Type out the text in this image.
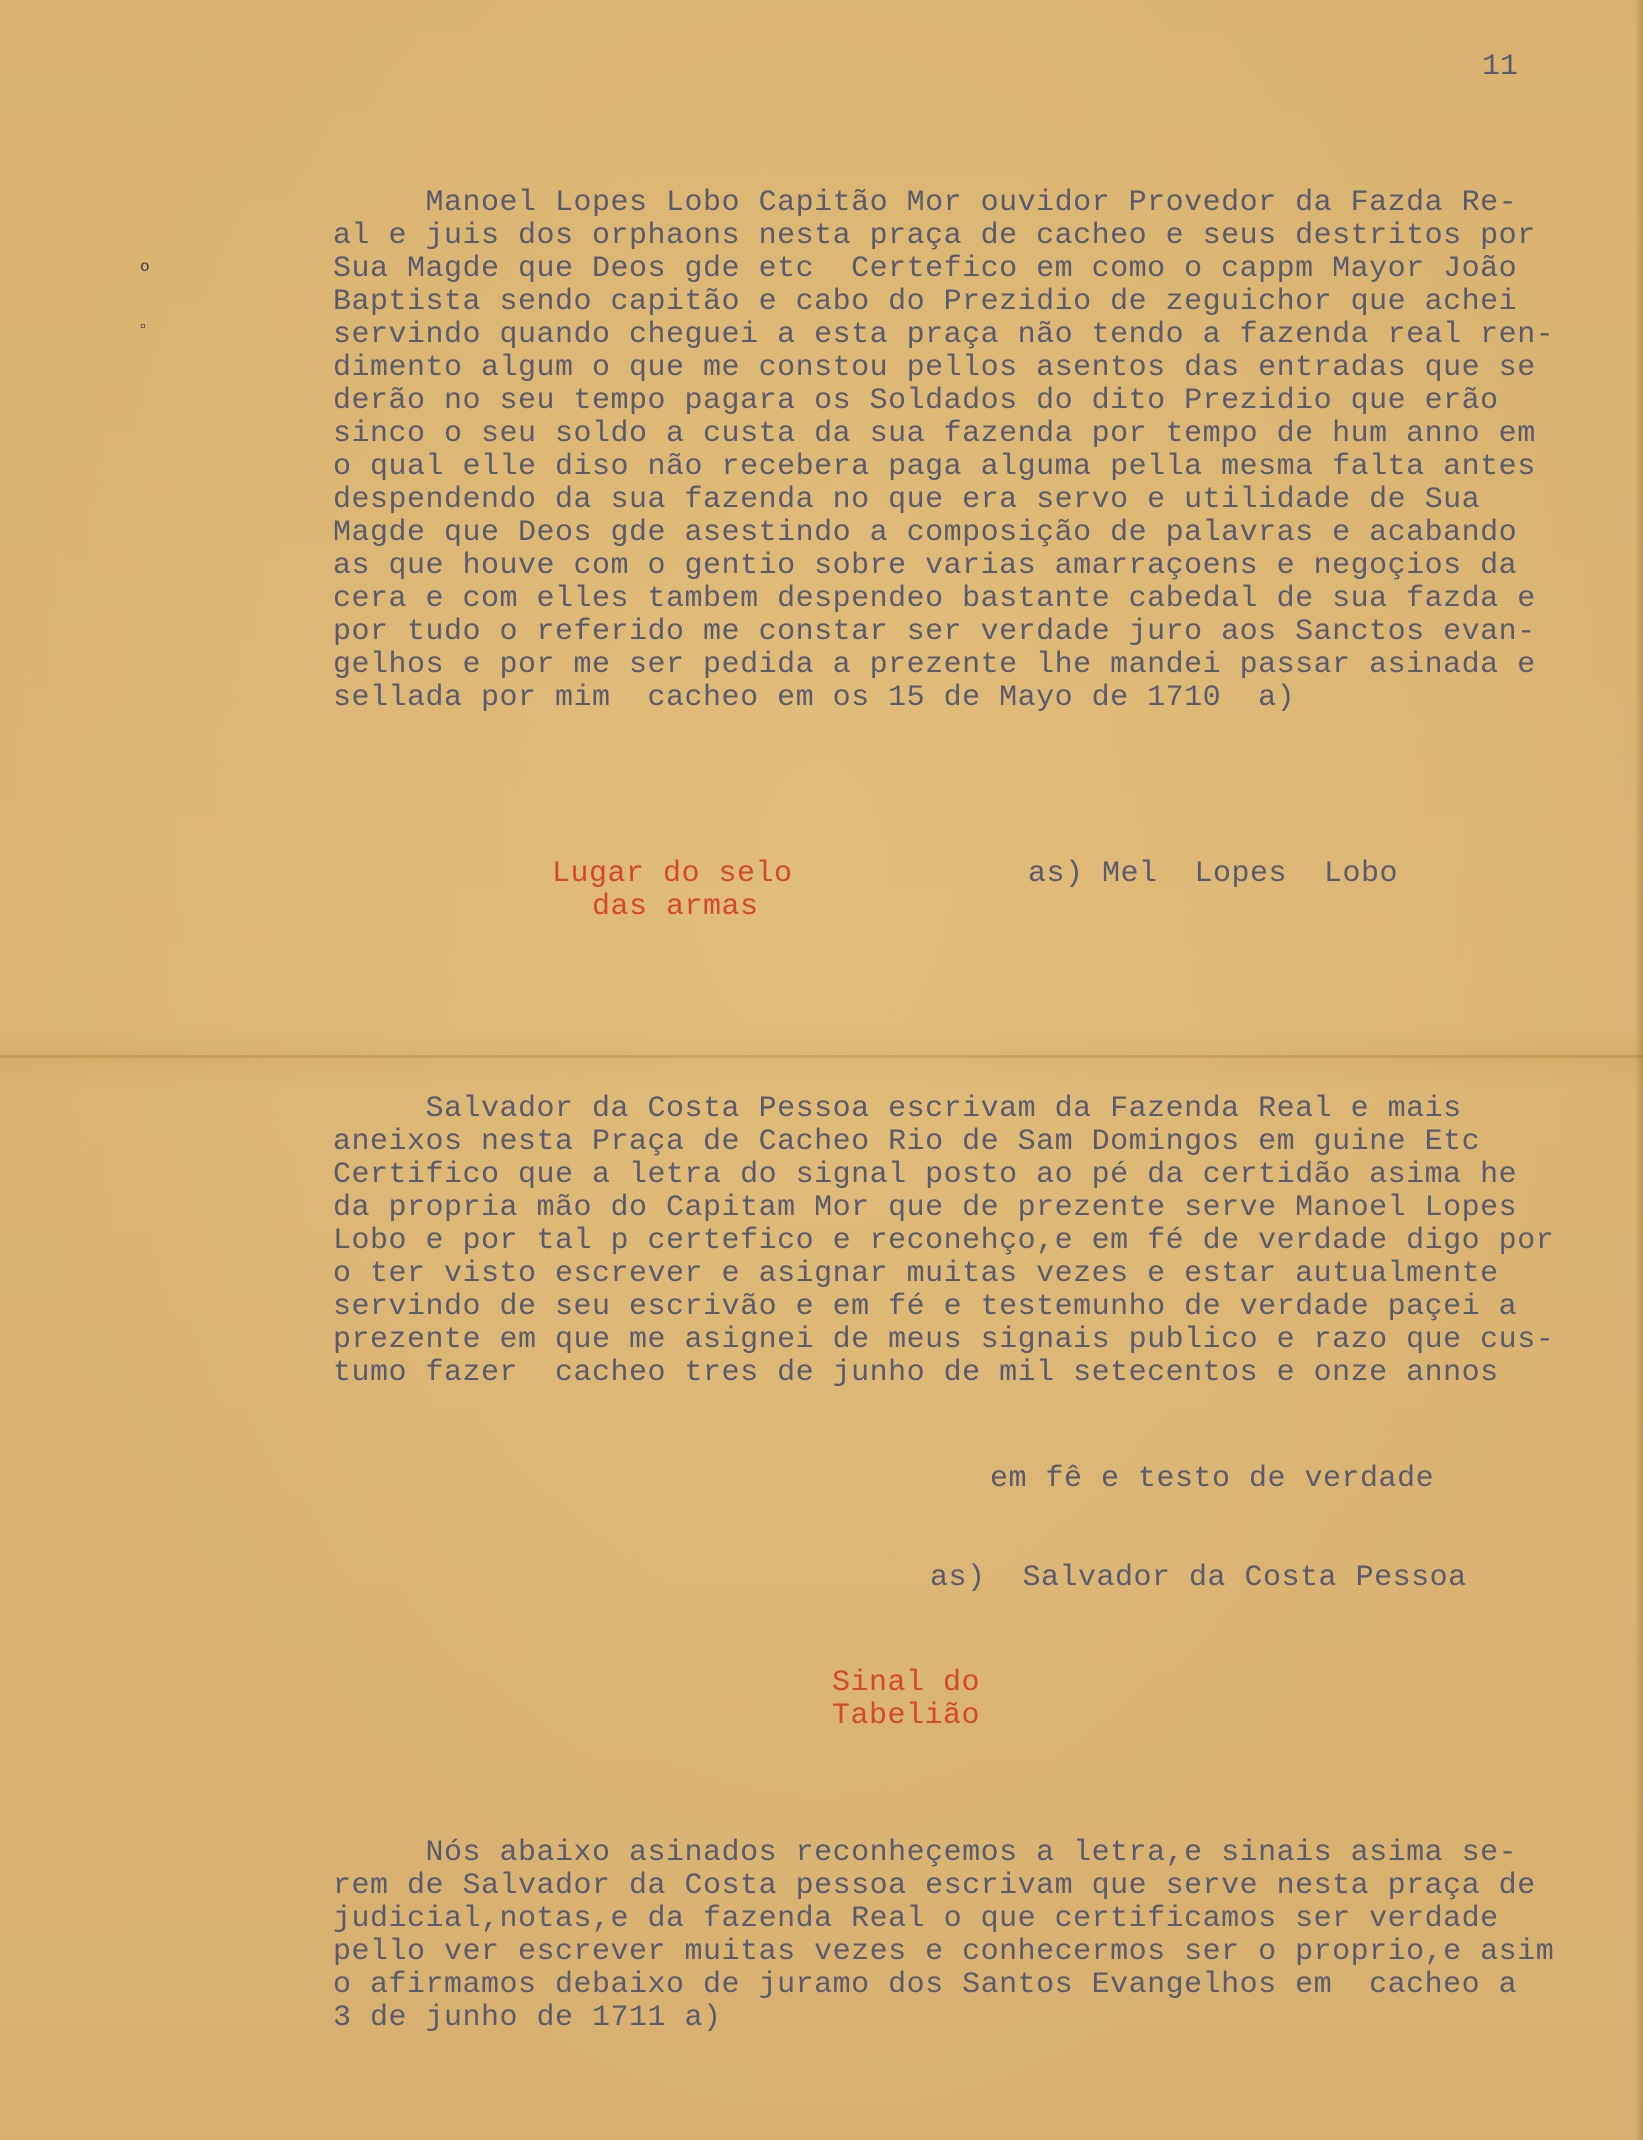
o
▫
11

Manoel Lopes Lobo Capitão Mor ouvidor Provedor da Fazda Re-

al e juis dos orphaons nesta praça de cacheo e seus destritos por

Sua Magde que Deos gde etc  Certefico em como o cappm Mayor João

Baptista sendo capitão e cabo do Prezidio de zeguichor que achei

servindo quando cheguei a esta praça não tendo a fazenda real ren-

dimento algum o que me constou pellos asentos das entradas que se

derão no seu tempo pagara os Soldados do dito Prezidio que erão

sinco o seu soldo a custa da sua fazenda por tempo de hum anno em

o qual elle diso não recebera paga alguma pella mesma falta antes

despendendo da sua fazenda no que era servo e utilidade de Sua

Magde que Deos gde asestindo a composição de palavras e acabando

as que houve com o gentio sobre varias amarraçoens e negoçios da

cera e com elles tambem despendeo bastante cabedal de sua fazda e

por tudo o referido me constar ser verdade juro aos Sanctos evan-

gelhos e por me ser pedida a prezente lhe mandei passar asinada e

sellada por mim  cacheo em os 15 de Mayo de 1710  a)

Lugar do selo

das armas

as) Mel  Lopes  Lobo

Salvador da Costa Pessoa escrivam da Fazenda Real e mais

aneixos nesta Praça de Cacheo Rio de Sam Domingos em guine Etc

Certifico que a letra do signal posto ao pé da certidão asima he

da propria mão do Capitam Mor que de prezente serve Manoel Lopes

Lobo e por tal p certefico e reconehço,e em fé de verdade digo por

o ter visto escrever e asignar muitas vezes e estar autualmente

servindo de seu escrivão e em fé e testemunho de verdade paçei a

prezente em que me asignei de meus signais publico e razo que cus-

tumo fazer  cacheo tres de junho de mil setecentos e onze annos

em fê e testo de verdade

as)  Salvador da Costa Pessoa

Sinal do

Tabelião

Nós abaixo asinados reconheçemos a letra,e sinais asima se-

rem de Salvador da Costa pessoa escrivam que serve nesta praça de

judicial,notas,e da fazenda Real o que certificamos ser verdade

pello ver escrever muitas vezes e conhecermos ser o proprio,e asim

o afirmamos debaixo de juramo dos Santos Evangelhos em  cacheo a

3 de junho de 1711 a)
